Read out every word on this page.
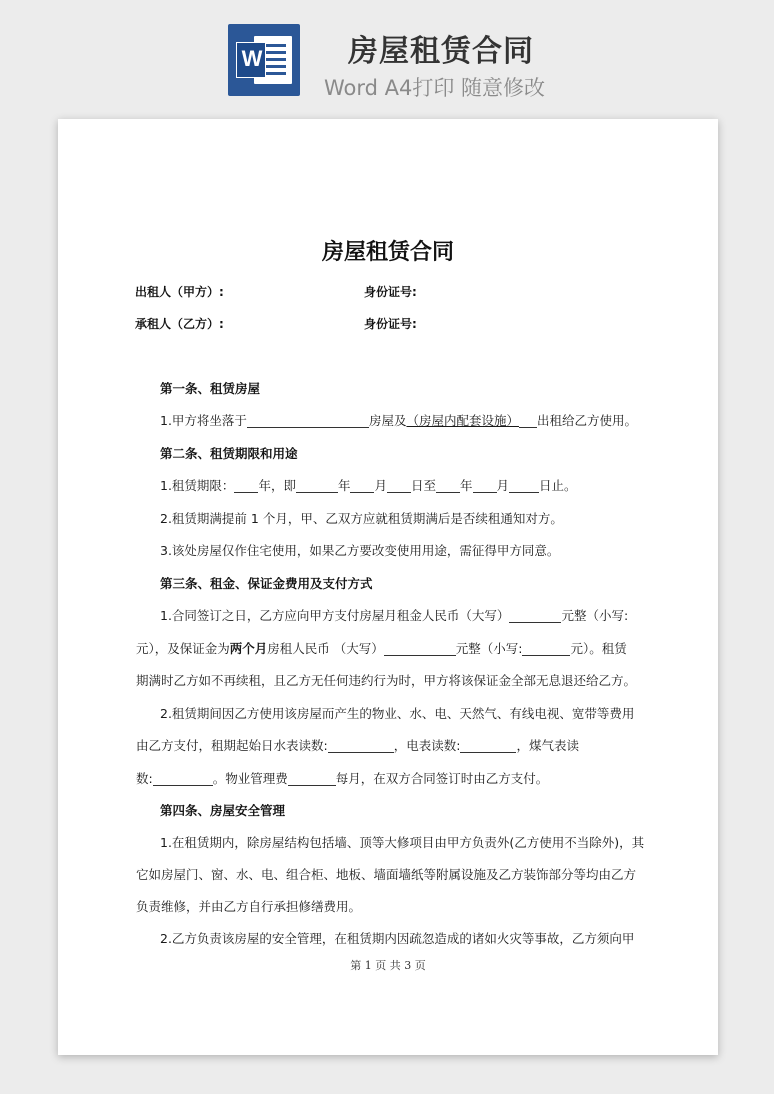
W	房屋租赁合同
Word A4打印 随意修改
房屋租赁合同
出租人（甲方）:	身份证号:
承租人（乙方）:	身份证号:
第一条、租赁房屋
1.甲方将坐落于	房屋及（房屋内配套设施） 出租给乙方使用。
第二条、租赁期限和用途
1.租赁期限： 年，即	年 月 日至 年 月 日止。
2.租赁期满提前 1 个月，甲、乙双方应就租赁期满后是否续租通知对方。
3.该处房屋仅作住宅使用，如果乙方要改变使用用途，需征得甲方同意。
第三条、租金、保证金费用及支付方式
1.合同签订之日，乙方应向甲方支付房屋月租金人民币（大写）	元整（小写:
元），及保证金为两个月房租人民币 （大写）	元整（小写:	元）。租赁
期满时乙方如不再续租，且乙方无任何违约行为时，甲方将该保证金全部无息退还给乙方。
2.租赁期间因乙方使用该房屋而产生的物业、水、电、天然气、有线电视、宽带等费用
由乙方支付，租期起始日水表读数:	，电表读数:	，煤气表读
数:	。物业管理费	每月，在双方合同签订时由乙方支付。
第四条、房屋安全管理
1.在租赁期内，除房屋结构包括墙、顶等大修项目由甲方负责外(乙方使用不当除外)，其
它如房屋门、窗、水、电、组合柜、地板、墙面墙纸等附属设施及乙方装饰部分等均由乙方
负责维修，并由乙方自行承担修缮费用。
2.乙方负责该房屋的安全管理，在租赁期内因疏忽造成的诸如火灾等事故，乙方须向甲
第 1 页 共 3 页
